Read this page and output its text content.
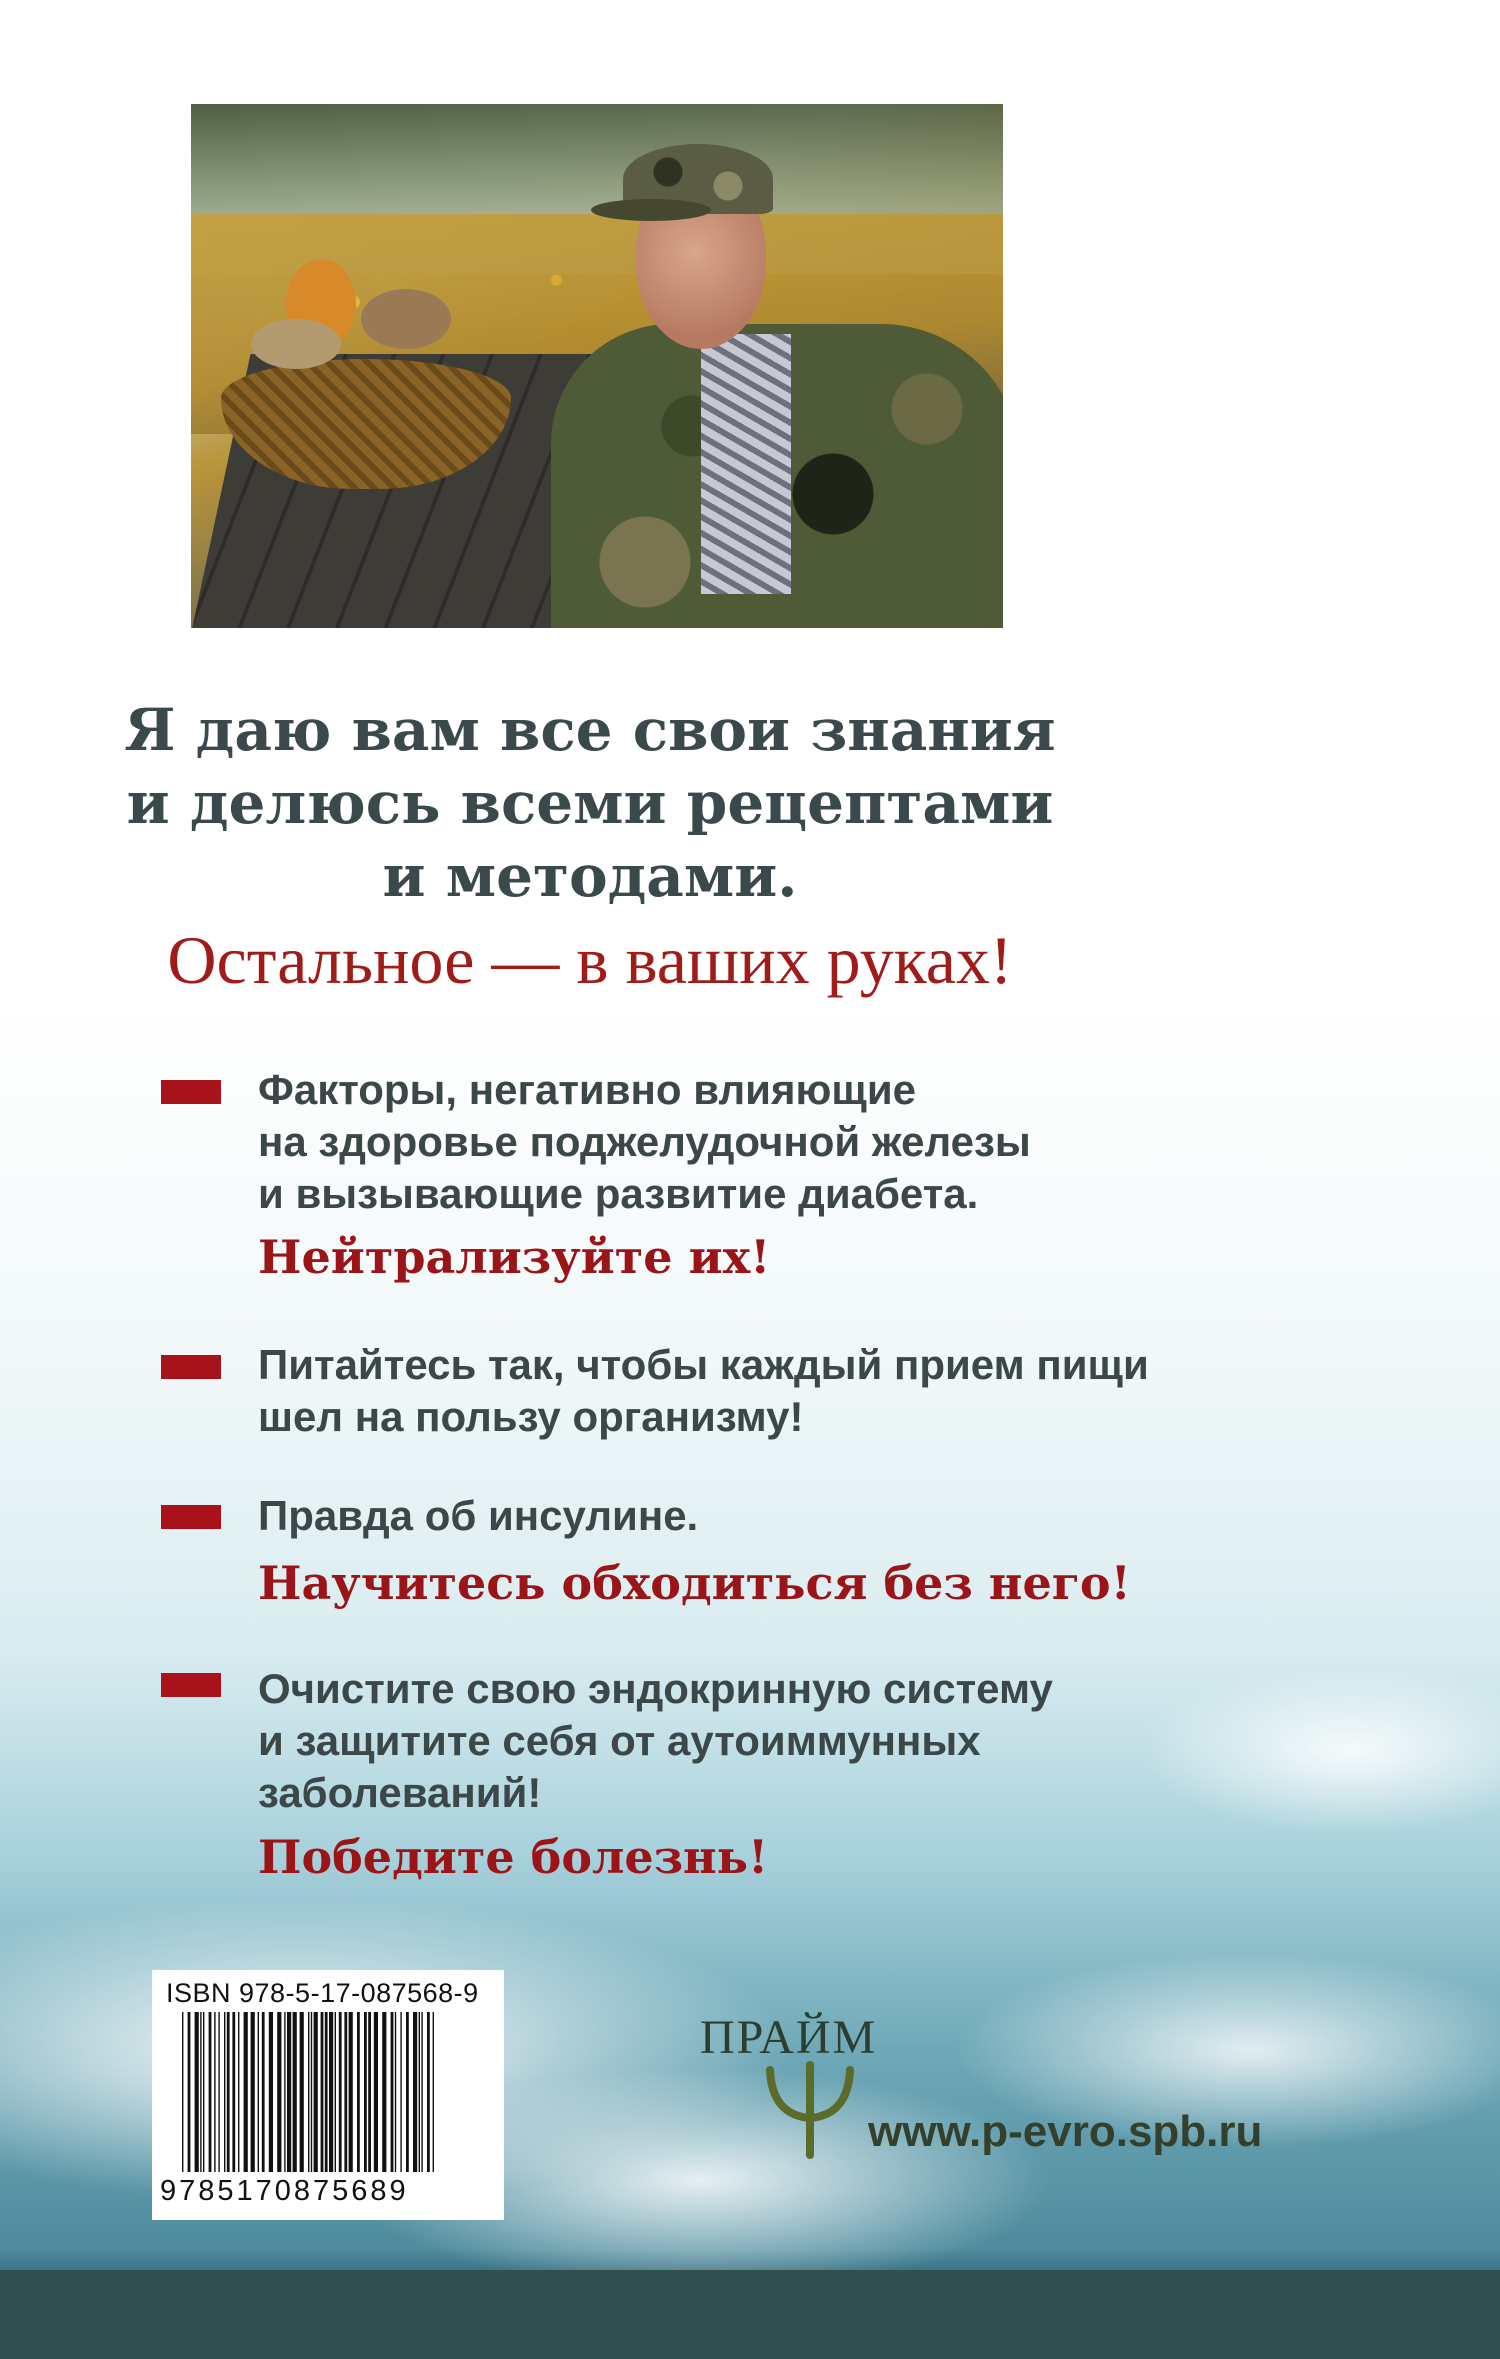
Я даю вам все свои знания
и делюсь всеми рецептами
и методами.
Остальное — в ваших руках!
Факторы, негативно влияющие
на здоровье поджелудочной железы
и вызывающие развитие диабета.
Нейтрализуйте их!
Питайтесь так, чтобы каждый прием пищи
шел на пользу организму!
Правда об инсулине.
Научитесь обходиться без него!
Очистите свою эндокринную систему
и защитите себя от аутоиммунных
заболеваний!
Победите болезнь!
ISBN 978-5-17-087568-9
9785170875689
ПРАЙМ
www.p-evro.spb.ru
